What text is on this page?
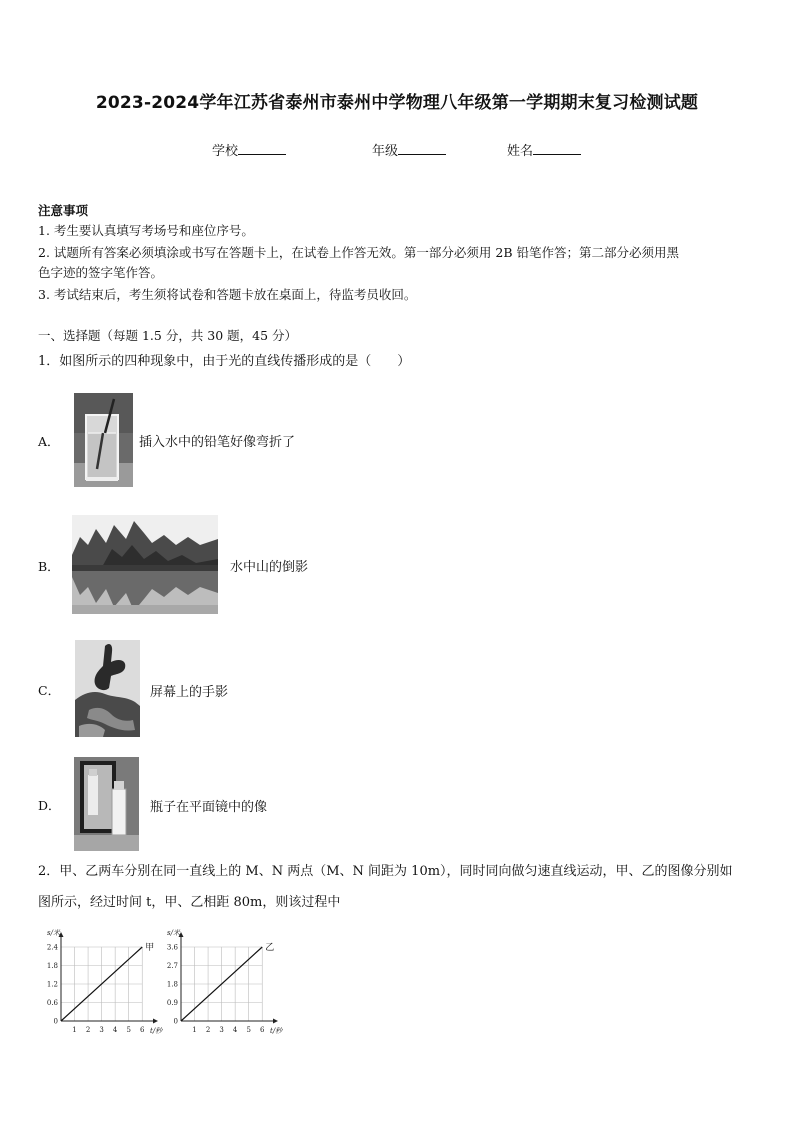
2023-2024学年江苏省泰州市泰州中学物理八年级第一学期期末复习检测试题
学校	年级	姓名
注意事项
1. 考生要认真填写考场号和座位序号。
2. 试题所有答案必须填涂或书写在答题卡上，在试卷上作答无效。第一部分必须用 2B 铅笔作答；第二部分必须用黑
色字迹的签字笔作答。
3. 考试结束后，考生须将试卷和答题卡放在桌面上，待监考员收回。
一、选择题（每题 1.5 分，共 30 题，45 分）
1．如图所示的四种现象中，由于光的直线传播形成的是（　　）
A．	插入水中的铅笔好像弯折了
B．	水中山的倒影
C．	屏幕上的手影
D．	瓶子在平面镜中的像
2．甲、乙两车分别在同一直线上的 M、N 两点（M、N 间距为 10m），同时同向做匀速直线运动，甲、乙的图像分别如
图所示，经过时间 t，甲、乙相距 80m，则该过程中
1 2 3 4 5 6
0
0.6
1.2
1.8
2.4
s/米
t/秒
甲
1 2 3 4 5 6
0
0.9
1.8
2.7
3.6
s/米
t/秒
乙
